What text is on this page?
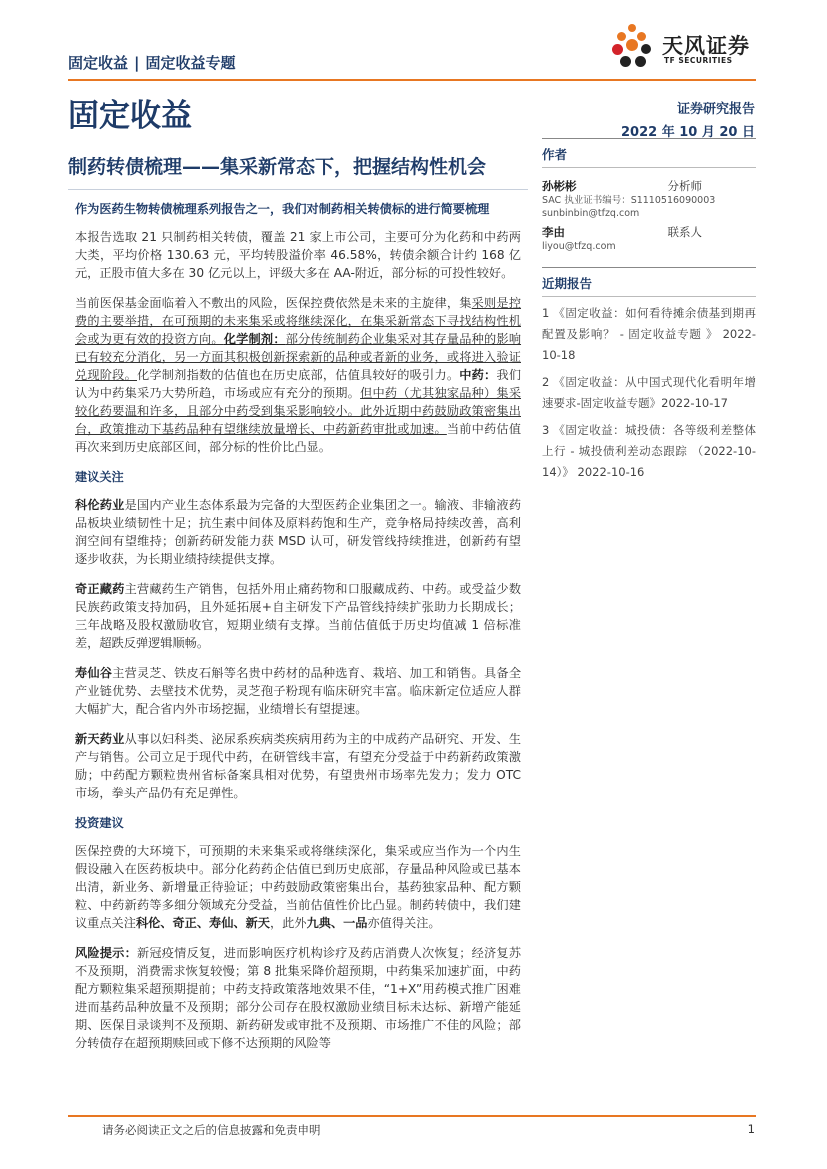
固定收益 | 固定收益专题
天风证券
TF SECURITIES
固定收益	证券研究报告
2022 年 10 月 20 日
制药转债梳理——集采新常态下，把握结构性机会

作为医药生物转债梳理系列报告之一，我们对制药相关转债标的进行简要梳理

本报告选取 21 只制药相关转债，覆盖 21 家上市公司，主要可分为化药和中药两大类，平均价格 130.63 元，平均转股溢价率 46.58%，转债余额合计约 168 亿元，正股市值大多在 30 亿元以上，评级大多在 AA-附近，部分标的可投性较好。

当前医保基金面临着入不敷出的风险，医保控费依然是未来的主旋律，集采则是控费的主要举措，在可预期的未来集采或将继续深化，在集采新常态下寻找结构性机会或为更有效的投资方向。化学制剂：部分传统制药企业集采对其存量品种的影响已有较充分消化，另一方面其积极创新探索新的品种或者新的业务，或将进入验证兑现阶段。化学制剂指数的估值也在历史底部，估值具较好的吸引力。中药：我们认为中药集采乃大势所趋，市场或应有充分的预期。但中药（尤其独家品种）集采较化药要温和许多，且部分中药受到集采影响较小。此外近期中药鼓励政策密集出台，政策推动下基药品种有望继续放量增长、中药新药审批或加速。当前中药估值再次来到历史底部区间，部分标的性价比凸显。

建议关注

科伦药业是国内产业生态体系最为完备的大型医药企业集团之一。输液、非输液药品板块业绩韧性十足；抗生素中间体及原料药饱和生产，竞争格局持续改善，高利润空间有望维持；创新药研发能力获 MSD 认可，研发管线持续推进，创新药有望逐步收获，为长期业绩持续提供支撑。

奇正藏药主营藏药生产销售，包括外用止痛药物和口服藏成药、中药。或受益少数民族药政策支持加码，且外延拓展+自主研发下产品管线持续扩张助力长期成长；三年战略及股权激励收官，短期业绩有支撑。当前估值低于历史均值减 1 倍标准差，超跌反弹逻辑顺畅。

寿仙谷主营灵芝、铁皮石斛等名贵中药材的品种选育、栽培、加工和销售。具备全产业链优势、去壁技术优势，灵芝孢子粉现有临床研究丰富。临床新定位适应人群大幅扩大，配合省内外市场挖掘，业绩增长有望提速。

新天药业从事以妇科类、泌尿系疾病类疾病用药为主的中成药产品研究、开发、生产与销售。公司立足于现代中药，在研管线丰富，有望充分受益于中药新药政策激励；中药配方颗粒贵州省标备案具相对优势，有望贵州市场率先发力；发力 OTC 市场，拳头产品仍有充足弹性。

投资建议

医保控费的大环境下，可预期的未来集采或将继续深化，集采或应当作为一个内生假设融入在医药板块中。部分化药药企估值已到历史底部，存量品种风险或已基本出清，新业务、新增量正待验证；中药鼓励政策密集出台，基药独家品种、配方颗粒、中药新药等多细分领域充分受益，当前估值性价比凸显。制药转债中，我们建议重点关注科伦、奇正、寿仙、新天，此外九典、一品亦值得关注。

风险提示：新冠疫情反复，进而影响医疗机构诊疗及药店消费人次恢复；经济复苏不及预期，消费需求恢复较慢；第 8 批集采降价超预期，中药集采加速扩面，中药配方颗粒集采超预期提前；中药支持政策落地效果不佳，“1+X”用药模式推广困难进而基药品种放量不及预期；部分公司存在股权激励业绩目标未达标、新增产能延期、医保目录谈判不及预期、新药研发或审批不及预期、市场推广不佳的风险；部分转债存在超预期赎回或下修不达预期的风险等

作者
孙彬彬	分析师
SAC 执业证书编号：S1110516090003
sunbinbin@tfzq.com
李由	联系人
liyou@tfzq.com
近期报告
1 《固定收益：如何看待摊余债基到期再配置及影响？ - 固定收益专题 》 2022-10-18
2 《固定收益：从中国式现代化看明年增速要求-固定收益专题》2022-10-17
3 《固定收益：城投债：各等级利差整体上行 - 城投债利差动态跟踪 （2022-10-14）》 2022-10-16
请务必阅读正文之后的信息披露和免责申明	1
